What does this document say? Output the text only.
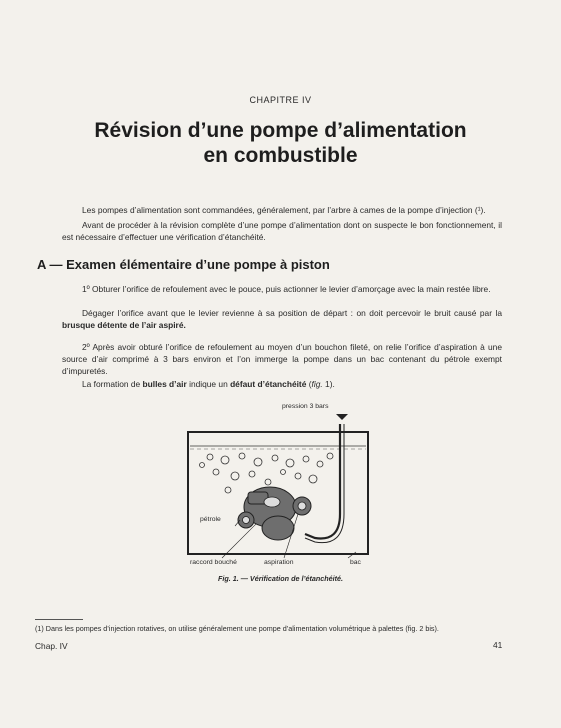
CHAPITRE IV
Révision d’une pompe d’alimentation
en combustible
Les pompes d’alimentation sont commandées, généralement, par l’arbre à cames de la pompe d’injection (¹).
Avant de procéder à la révision complète d’une pompe d’alimentation dont on suspecte le bon fonctionnement, il est nécessaire d’effectuer une vérification d’étanchéité.
A — Examen élémentaire d’une pompe à piston
1º Obturer l’orifice de refoulement avec le pouce, puis actionner le levier d’amorçage avec la main restée libre.
Dégager l’orifice avant que le levier revienne à sa position de départ : on doit percevoir le bruit causé par la brusque détente de l’air aspiré.
2º Après avoir obturé l’orifice de refoulement au moyen d’un bouchon fileté, on relie l’orifice d’aspiration à une source d’air comprimé à 3 bars environ et l’on immerge la pompe dans un bac contenant du pétrole exempt d’impuretés.
La formation de bulles d’air indique un défaut d’étanchéité (fig. 1).
pression 3 bars
pétrole
raccord bouché	aspiration	bac
Fig. 1. — Vérification de l’étanchéité.
(1) Dans les pompes d’injection rotatives, on utilise généralement une pompe d’alimentation volumétrique à palettes (fig. 2 bis).
Chap. IV	41
